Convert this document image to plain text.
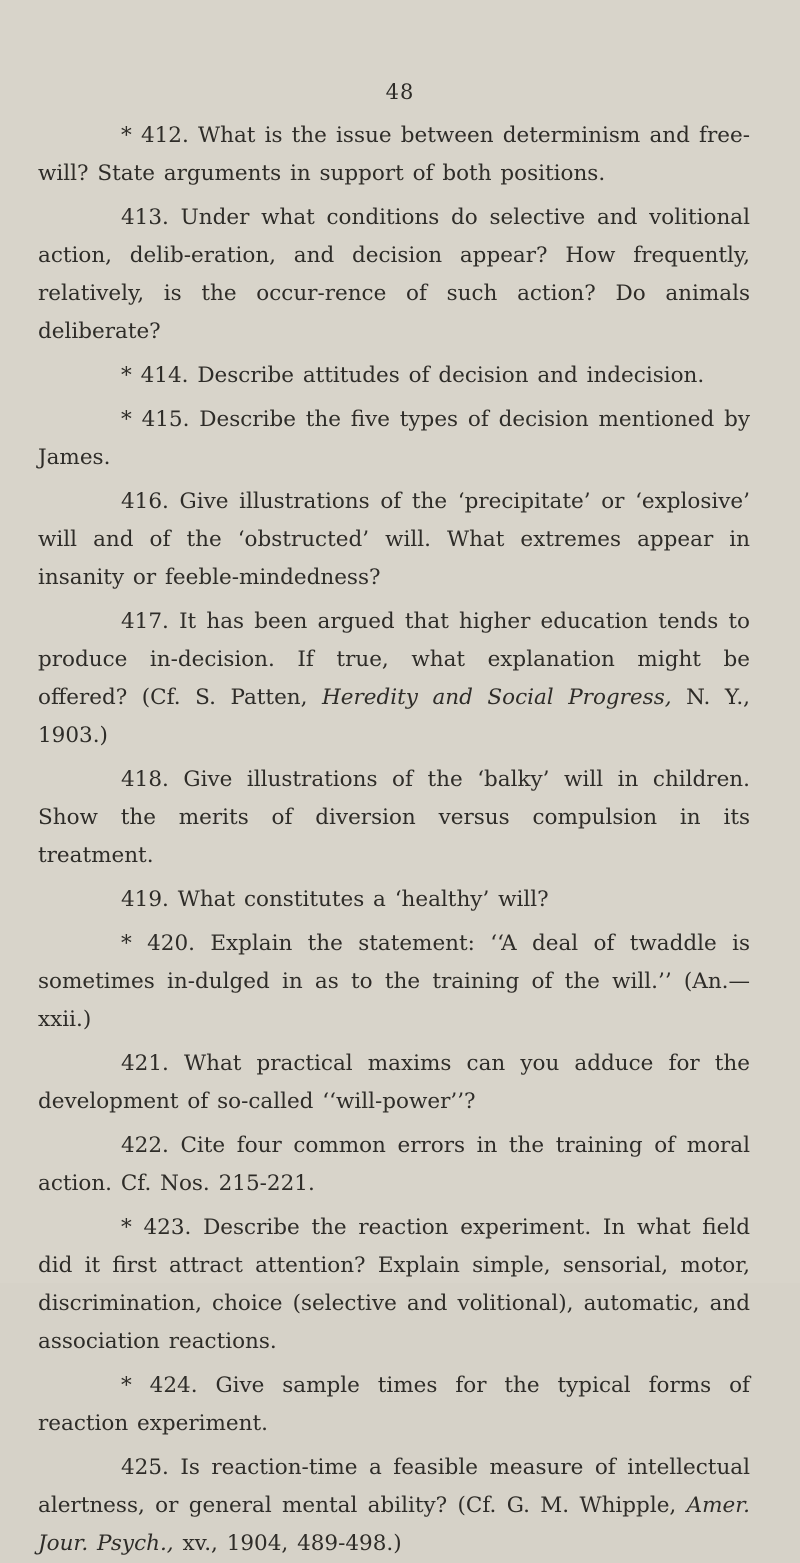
48

* 412. What is the issue between determinism and free-will? State arguments in support of both positions.

413. Under what conditions do selective and volitional action, delib-eration, and decision appear? How frequently, relatively, is the occur-rence of such action? Do animals deliberate?

* 414. Describe attitudes of decision and indecision.

* 415. Describe the five types of decision mentioned by James.

416. Give illustrations of the ‘precipitate’ or ‘explosive’ will and of the ‘obstructed’ will. What extremes appear in insanity or feeble-mindedness?

417. It has been argued that higher education tends to produce in-decision. If true, what explanation might be offered? (Cf. S. Patten, Heredity and Social Progress, N. Y., 1903.)

418. Give illustrations of the ‘balky’ will in children. Show the merits of diversion versus compulsion in its treatment.

419. What constitutes a ‘healthy’ will?

* 420. Explain the statement: ‘‘A deal of twaddle is sometimes in-dulged in as to the training of the will.’’ (An.—xxii.)

421. What practical maxims can you adduce for the development of so-called ‘‘will-power’’?

422. Cite four common errors in the training of moral action. Cf. Nos. 215-221.

* 423. Describe the reaction experiment. In what field did it first attract attention? Explain simple, sensorial, motor, discrimination, choice (selective and volitional), automatic, and association reactions.

* 424. Give sample times for the typical forms of reaction experiment.

425. Is reaction-time a feasible measure of intellectual alertness, or general mental ability? (Cf. G. M. Whipple, Amer. Jour. Psych., xv., 1904, 489-498.)
